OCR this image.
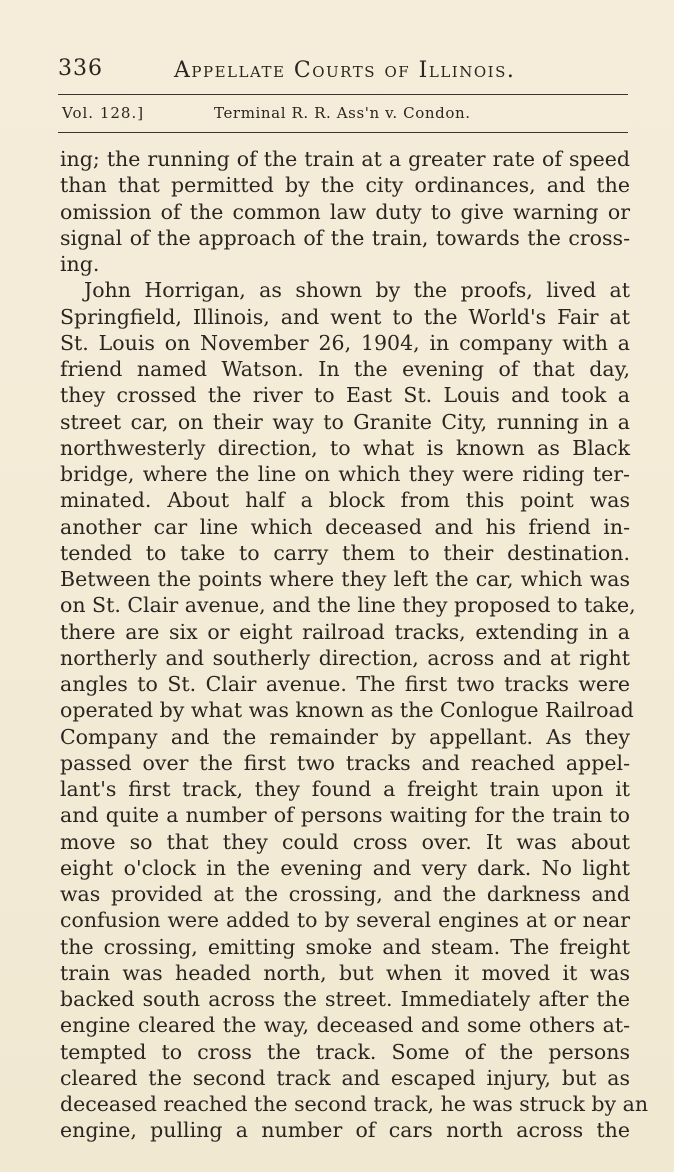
336	Appellate Courts of Illinois.
Vol. 128.]	Terminal R. R. Ass'n v. Condon.
ing; the running of the train at a greater rate of speed
than that permitted by the city ordinances, and the
omission of the common law duty to give warning or
signal of the approach of the train, towards the cross-
ing.
John Horrigan, as shown by the proofs, lived at
Springfield, Illinois, and went to the World's Fair at
St. Louis on November 26, 1904, in company with a
friend named Watson. In the evening of that day,
they crossed the river to East St. Louis and took a
street car, on their way to Granite City, running in a
northwesterly direction, to what is known as Black
bridge, where the line on which they were riding ter-
minated. About half a block from this point was
another car line which deceased and his friend in-
tended to take to carry them to their destination.
Between the points where they left the car, which was
on St. Clair avenue, and the line they proposed to take,
there are six or eight railroad tracks, extending in a
northerly and southerly direction, across and at right
angles to St. Clair avenue. The first two tracks were
operated by what was known as the Conlogue Railroad
Company and the remainder by appellant. As they
passed over the first two tracks and reached appel-
lant's first track, they found a freight train upon it
and quite a number of persons waiting for the train to
move so that they could cross over. It was about
eight o'clock in the evening and very dark. No light
was provided at the crossing, and the darkness and
confusion were added to by several engines at or near
the crossing, emitting smoke and steam. The freight
train was headed north, but when it moved it was
backed south across the street. Immediately after the
engine cleared the way, deceased and some others at-
tempted to cross the track. Some of the persons
cleared the second track and escaped injury, but as
deceased reached the second track, he was struck by an
engine, pulling a number of cars north across the
